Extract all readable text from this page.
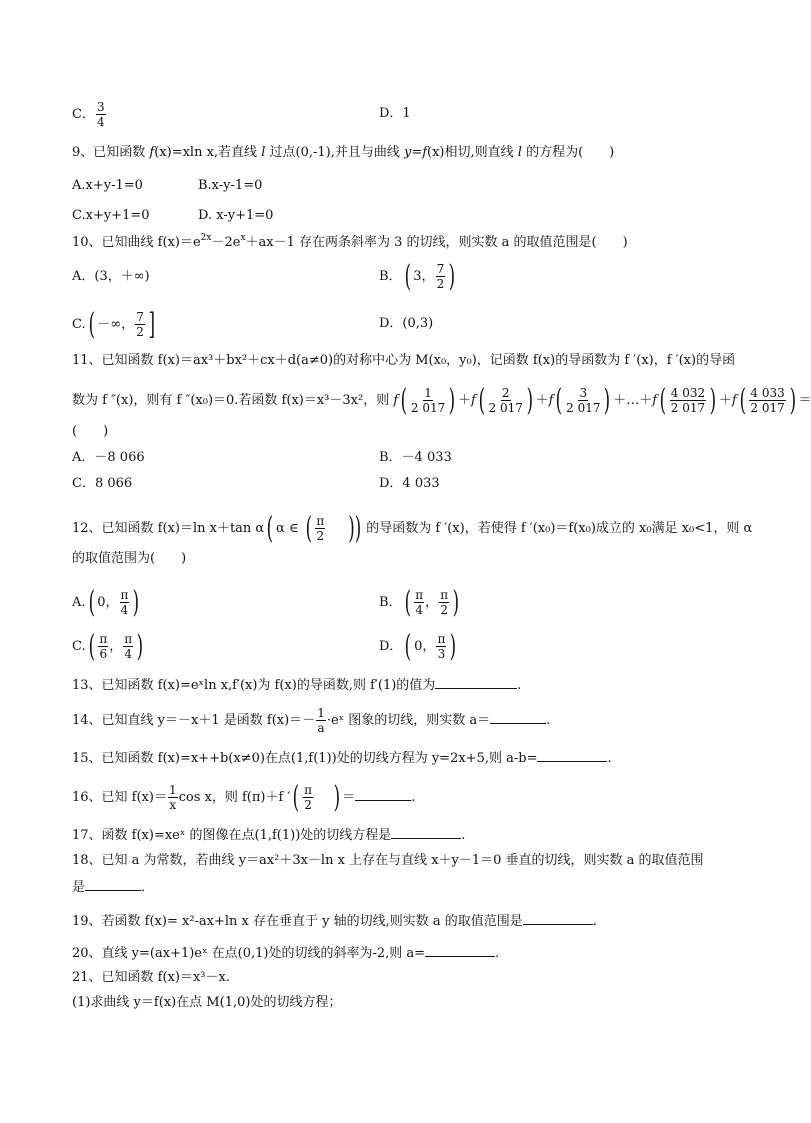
C． $\frac{3}{4}$	D．1
9、已知函数 f(x)=xln x,若直线 l 过点(0,-1),并且与曲线 y=f(x)相切,则直线 l 的方程为(　　)
A.x+y-1=0	B.x-y-1=0
C.x+y+1=0	D. x-y+1=0
10、已知曲线 $f(x)=e^{2x}-2e^x+ax-1$ 存在两条斜率为 3 的切线，则实数 a 的取值范围是(　　)
A．(3，＋∞)	B．( 3， $\frac{7}{2}$ )
C.( －∞， $\frac{7}{2}$ ]	D．(0,3)
11、已知函数 f(x)＝ax³＋bx²＋cx＋d(a≠0)的对称中心为 M(x₀，y₀)，记函数 f(x)的导函数为 f ′(x)，f ′(x)的导函
数为 f ″(x)，则有 f ″(x₀)＝0.若函数 f(x)＝x³－3x²，则 $f( \frac{1}{2 017}$ ) $+f( \frac{2}{2 017}$ ) $+f( \frac{3}{2 017}$ ) ＋…＋f( $\frac{4 032}{2 017}$ ) $+f( \frac{4 033}{2 017}$ ) ＝
(　　)
A．－8 066	B．－4 033
C．8 066	D．4 033
12、已知函数 f(x)＝ln x＋tan α( α ∈ ( $\frac{\pi}{2}$ )) 的导函数为 f ′(x)，若使得 f ′(x₀)＝f(x₀)成立的 x₀满足 x₀<1，则 α
的取值范围为(　　)
A.( 0， $\frac{\pi}{4}$ )	B．( $\frac{\pi}{4}$ ， $\frac{\pi}{2}$ )
$C.( \frac{\pi}{6}$ ， $\frac{\pi}{4}$ )	D．( 0， $\frac{\pi}{3}$ )
13、已知函数 f(x)=eˣln x,f′(x)为 f(x)的导函数,则 f′(1)的值为	.
14、已知直线 y＝－x＋1 是函数 $f(x)=- \frac{1}{a}$ ·eˣ 图象的切线，则实数 a＝	.
15、已知函数 f(x)=x++b(x≠0)在点(1,f(1))处的切线方程为 y=2x+5,则 a-b=	.
16、已知 $f(x)= \frac{1}{x}$ cos x，则 f(π)＋f ′( $\frac{\pi}{2}$ ) ＝	.
17、函数 f(x)=xeˣ 的图像在点(1,f(1))处的切线方程是	.
18、已知 a 为常数，若曲线 y＝ax²＋3x－ln x 上存在与直线 x＋y－1＝0 垂直的切线，则实数 a 的取值范围
是	．
19、若函数 f(x)= x²-ax+ln x 存在垂直于 y 轴的切线,则实数 a 的取值范围是	.
20、直线 y=(ax+1)eˣ 在点(0,1)处的切线的斜率为-2,则 a=	.
21、已知函数 f(x)＝x³－x.
(1)求曲线 y＝f(x)在点 M(1,0)处的切线方程；
